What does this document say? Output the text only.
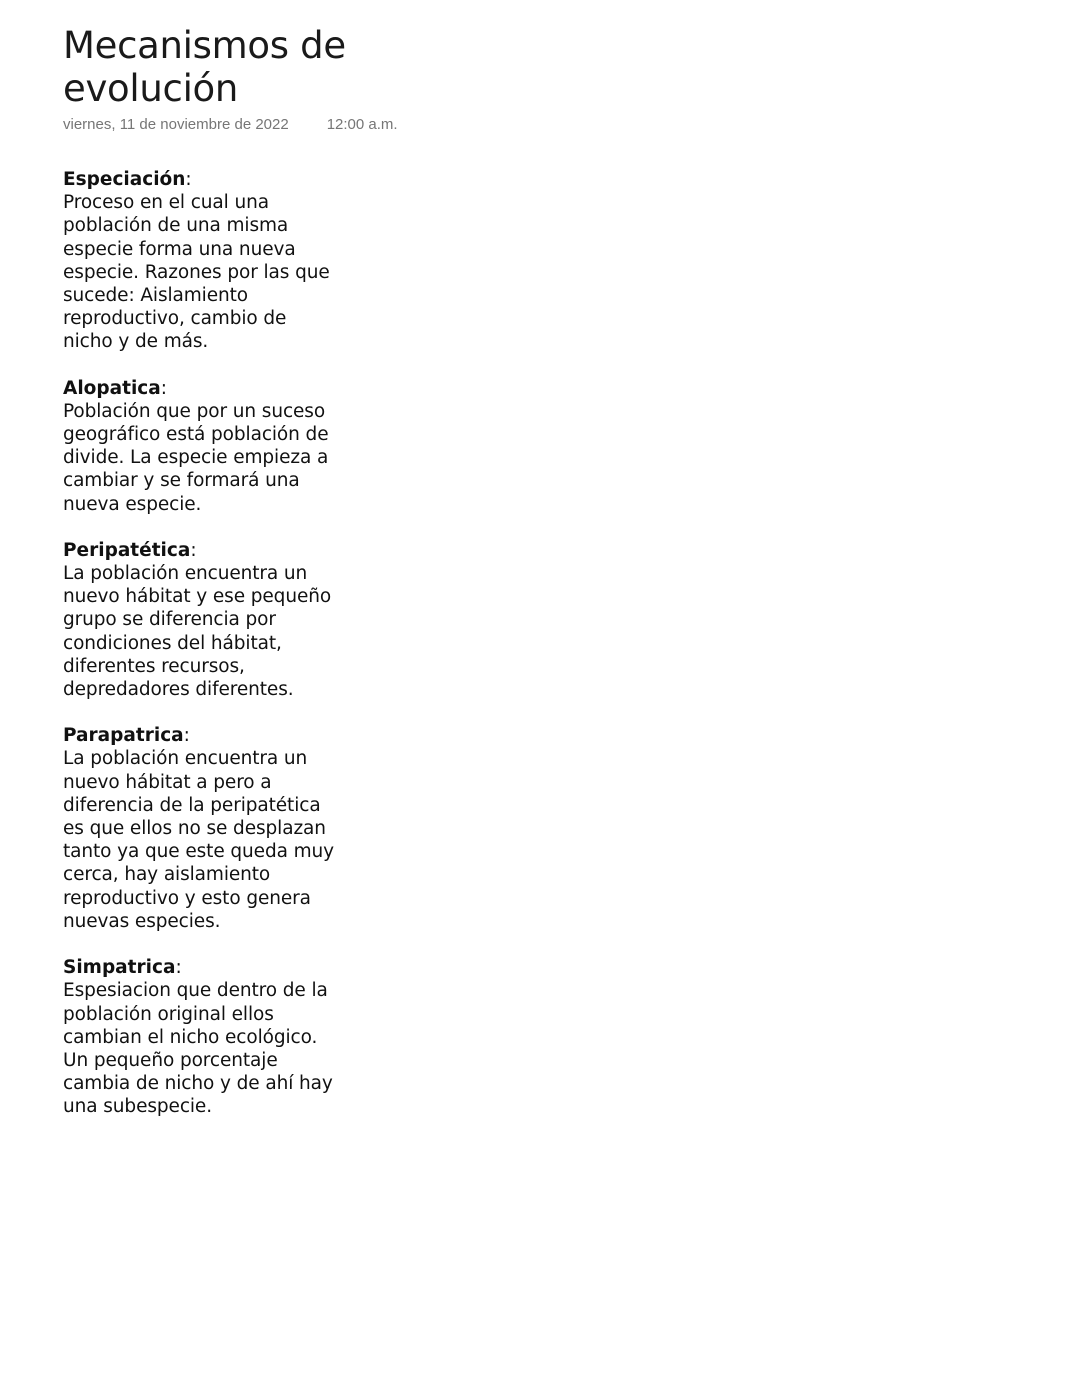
Mecanismos de
evolución
viernes, 11 de noviembre de 2022	12:00 a.m.
Especiación:
Proceso en el cual una
población de una misma
especie forma una nueva
especie. Razones por las que
sucede: Aislamiento
reproductivo, cambio de
nicho y de más.
Alopatica:
Población que por un suceso
geográfico está población de
divide. La especie empieza a
cambiar y se formará una
nueva especie.
Peripatética:
La población encuentra un
nuevo hábitat y ese pequeño
grupo se diferencia por
condiciones del hábitat,
diferentes recursos,
depredadores diferentes.
Parapatrica:
La población encuentra un
nuevo hábitat a pero a
diferencia de la peripatética
es que ellos no se desplazan
tanto ya que este queda muy
cerca, hay aislamiento
reproductivo y esto genera
nuevas especies.
Simpatrica:
Espesiacion que dentro de la
población original ellos
cambian el nicho ecológico.
Un pequeño porcentaje
cambia de nicho y de ahí hay
una subespecie.
